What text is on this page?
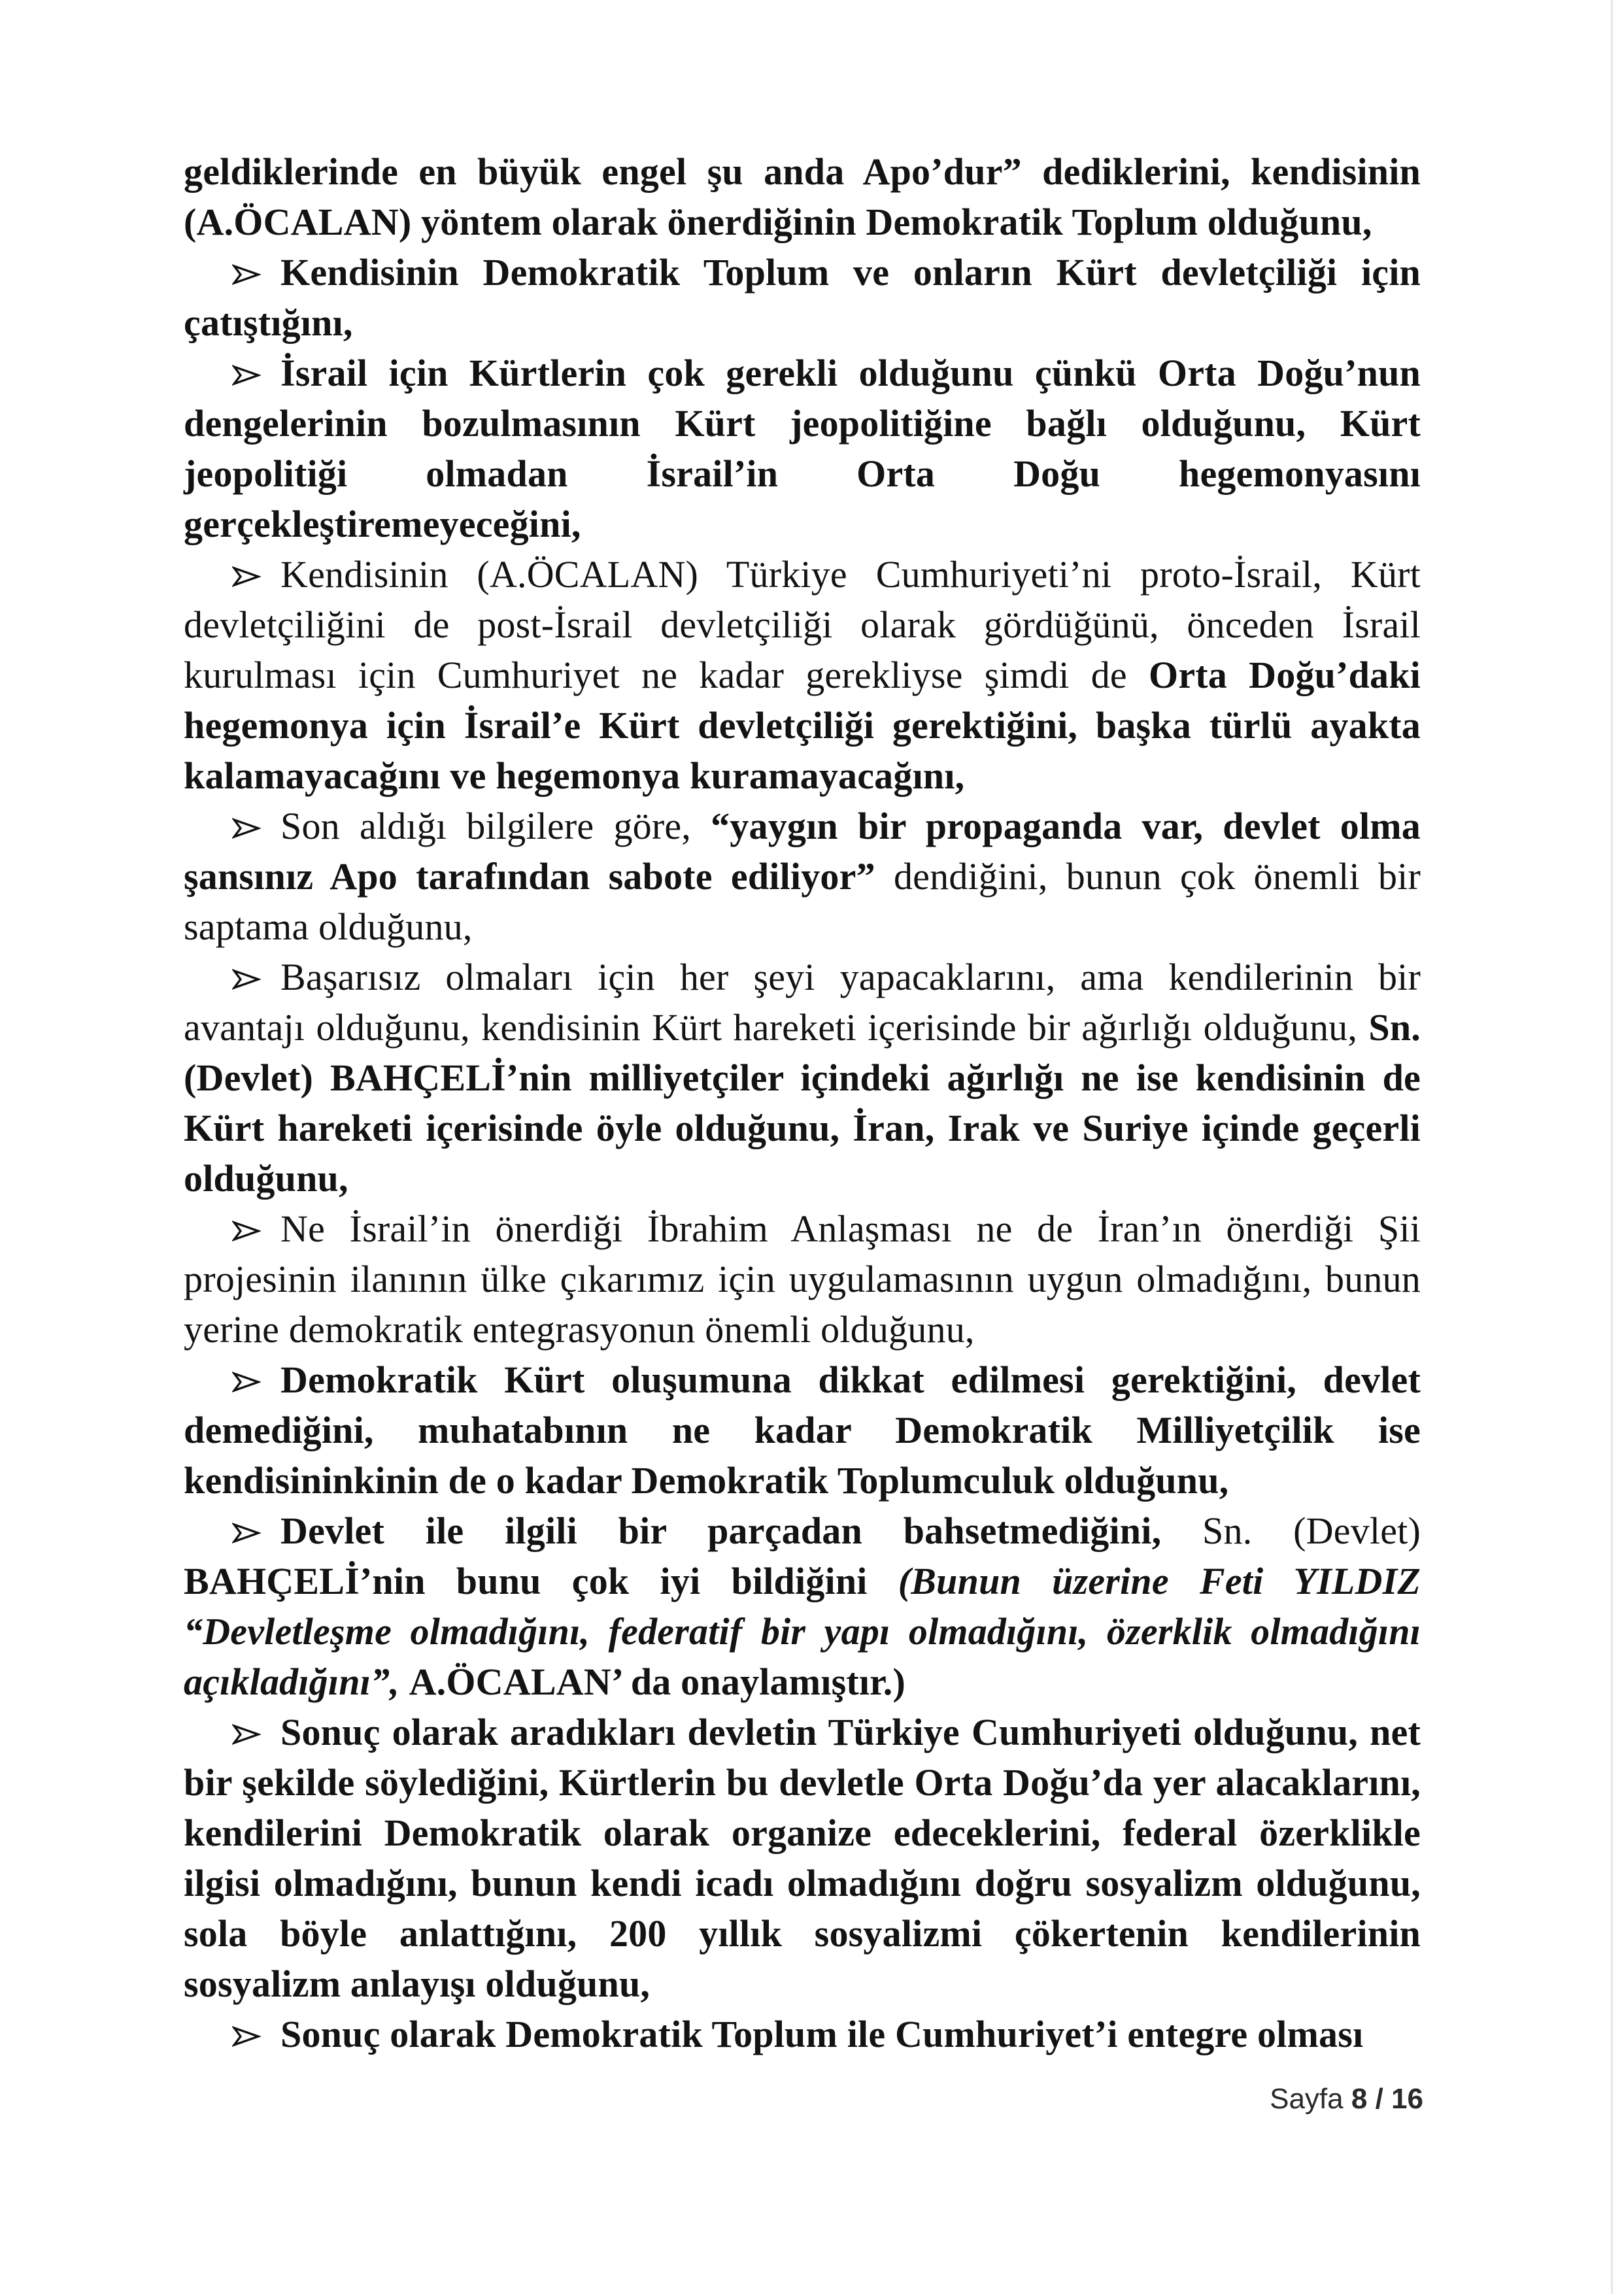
geldiklerinde en büyük engel şu anda Apo’dur” dediklerini, kendisinin (A.ÖCALAN) yöntem olarak önerdiğinin Demokratik Toplum olduğunu,

Kendisinin Demokratik Toplum ve onların Kürt devletçiliği için çatıştığını,

İsrail için Kürtlerin çok gerekli olduğunu çünkü Orta Doğu’nun dengelerinin bozulmasının Kürt jeopolitiğine bağlı olduğunu, Kürt jeopolitiği olmadan İsrail’in Orta Doğu hegemonyasını gerçekleştiremeyeceğini,

Kendisinin (A.ÖCALAN) Türkiye Cumhuriyeti’ni proto-İsrail, Kürt devletçiliğini de post-İsrail devletçiliği olarak gördüğünü, önceden İsrail kurulması için Cumhuriyet ne kadar gerekliyse şimdi de Orta Doğu’daki hegemonya için İsrail’e Kürt devletçiliği gerektiğini, başka türlü ayakta kalamayacağını ve hegemonya kuramayacağını,

Son aldığı bilgilere göre, “yaygın bir propaganda var, devlet olma şansınız Apo tarafından sabote ediliyor” dendiğini, bunun çok önemli bir saptama olduğunu,

Başarısız olmaları için her şeyi yapacaklarını, ama kendilerinin bir avantajı olduğunu, kendisinin Kürt hareketi içerisinde bir ağırlığı olduğunu, Sn. (Devlet) BAHÇELİ’nin milliyetçiler içindeki ağırlığı ne ise kendisinin de Kürt hareketi içerisinde öyle olduğunu, İran, Irak ve Suriye içinde geçerli olduğunu,

Ne İsrail’in önerdiği İbrahim Anlaşması ne de İran’ın önerdiği Şii projesinin ilanının ülke çıkarımız için uygulamasının uygun olmadığını, bunun yerine demokratik entegrasyonun önemli olduğunu,

Demokratik Kürt oluşumuna dikkat edilmesi gerektiğini, devlet demediğini, muhatabının ne kadar Demokratik Milliyetçilik ise kendisininkinin de o kadar Demokratik Toplumculuk olduğunu,

Devlet ile ilgili bir parçadan bahsetmediğini, Sn. (Devlet) BAHÇELİ’nin bunu çok iyi bildiğini (Bunun üzerine Feti YILDIZ “Devletleşme olmadığını, federatif bir yapı olmadığını, özerklik olmadığını açıkladığını”, A.ÖCALAN’ da onaylamıştır.)

Sonuç olarak aradıkları devletin Türkiye Cumhuriyeti olduğunu, net bir şekilde söylediğini, Kürtlerin bu devletle Orta Doğu’da yer alacaklarını, kendilerini Demokratik olarak organize edeceklerini, federal özerklikle ilgisi olmadığını, bunun kendi icadı olmadığını doğru sosyalizm olduğunu, sola böyle anlattığını, 200 yıllık sosyalizmi çökertenin kendilerinin sosyalizm anlayışı olduğunu,

Sonuç olarak Demokratik Toplum ile Cumhuriyet’i entegre olması

Sayfa 8 / 16
